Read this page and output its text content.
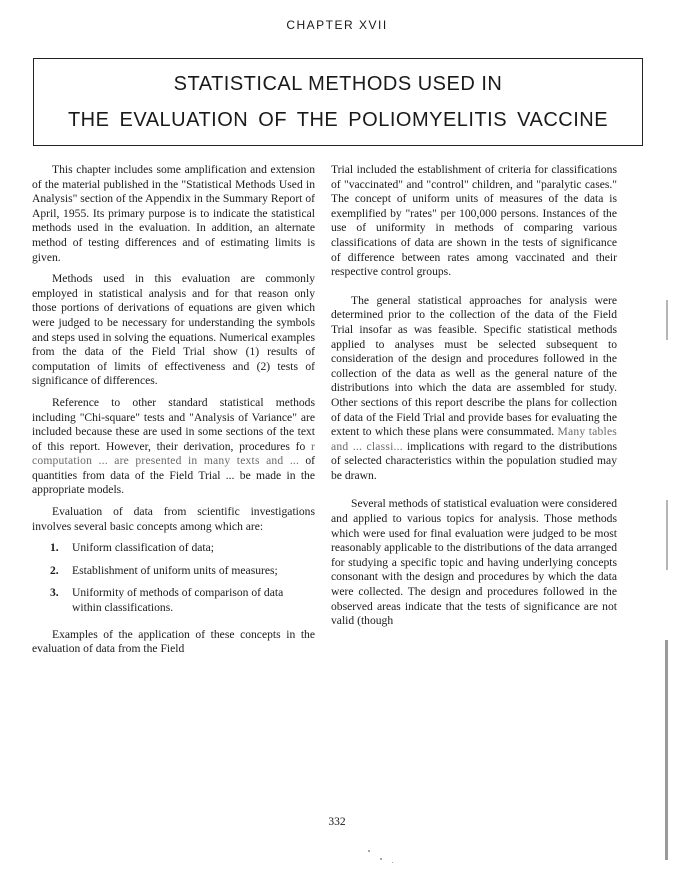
CHAPTER XVII
STATISTICAL METHODS USED IN
THE EVALUATION OF THE POLIOMYELITIS VACCINE

This chapter includes some amplification and extension of the material published in the "Statistical Methods Used in Analysis" section of the Appendix in the Summary Report of April, 1955. Its primary purpose is to indicate the statistical methods used in the evaluation. In addition, an alternate method of testing differences and of estimating limits is given.

Methods used in this evaluation are commonly employed in statistical analysis and for that reason only those portions of derivations of equations are given which were judged to be necessary for understanding the symbols and steps used in solving the equations. Numerical examples from the data of the Field Trial show (1) results of computation of limits of effectiveness and (2) tests of significance of differences.

Reference to other standard statistical methods including "Chi-square" tests and "Analysis of Variance" are included because these are used in some sections of the text of this report. However, their derivation, procedures fo r computation ... are presented in many texts and ... of quantities from data of the Field Trial ... be made in the appropriate models.

Evaluation of data from scientific investigations involves several basic concepts among which are:

1. Uniform classification of data;
2. Establishment of uniform units of measures;
3. Uniformity of methods of comparison of data within classifications.

Examples of the application of these concepts in the evaluation of data from the Field

Trial included the establishment of criteria for classifications of "vaccinated" and "control" children, and "paralytic cases." The concept of uniform units of measures of the data is exemplified by "rates" per 100,000 persons. Instances of the use of uniformity in methods of comparing various classifications of data are shown in the tests of significance of difference between rates among vaccinated and their respective control groups.

The general statistical approaches for analysis were determined prior to the collection of the data of the Field Trial insofar as was feasible. Specific statistical methods applied to analyses must be selected subsequent to consideration of the design and procedures followed in the collection of the data as well as the general nature of the distributions into which the data are assembled for study. Other sections of this report describe the plans for collection of data of the Field Trial and provide bases for evaluating the extent to which these plans were consummated. Many tables and ... classi... implications with regard to the distributions of selected characteristics within the population studied may be drawn.

Several methods of statistical evaluation were considered and applied to various topics for analysis. Those methods which were used for final evaluation were judged to be most reasonably applicable to the distributions of the data arranged for studying a specific topic and having underlying concepts consonant with the design and procedures by which the data were collected. The design and procedures followed in the observed areas indicate that the tests of significance are not valid (though

332
